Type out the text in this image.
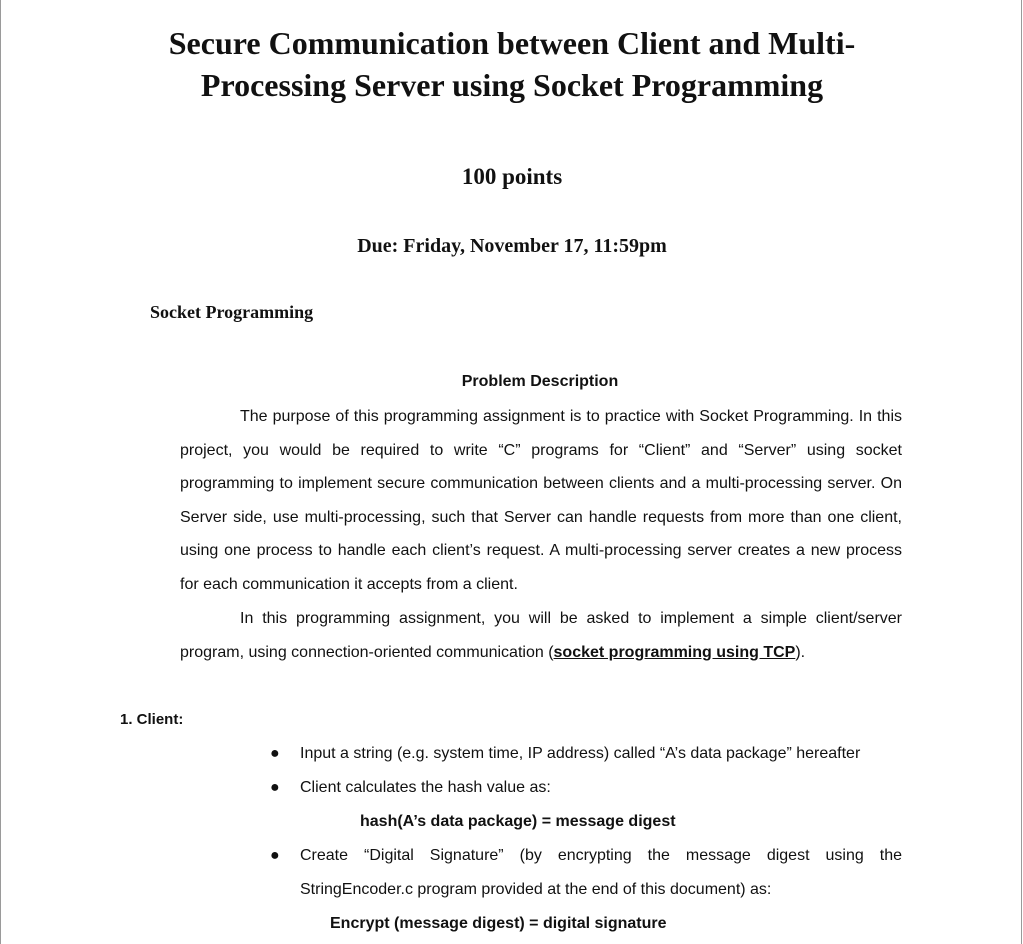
Secure Communication between Client and Multi-Processing Server using Socket Programming
100 points
Due: Friday, November 17, 11:59pm
Socket Programming
Problem Description

The purpose of this programming assignment is to practice with Socket Programming. In this project, you would be required to write “C” programs for “Client” and “Server” using socket programming to implement secure communication between clients and a multi-processing server. On Server side, use multi-processing, such that Server can handle requests from more than one client, using one process to handle each client’s request. A multi-processing server creates a new process for each communication it accepts from a client.

In this programming assignment, you will be asked to implement a simple client/server program, using connection-oriented communication (socket programming using TCP).

1. Client:
● Input a string (e.g. system time, IP address) called “A’s data package” hereafter
● Client calculates the hash value as:
hash(A’s data package) = message digest
● Create “Digital Signature” (by encrypting the message digest using the StringEncoder.c program provided at the end of this document) as:
Encrypt (message digest) = digital signature
